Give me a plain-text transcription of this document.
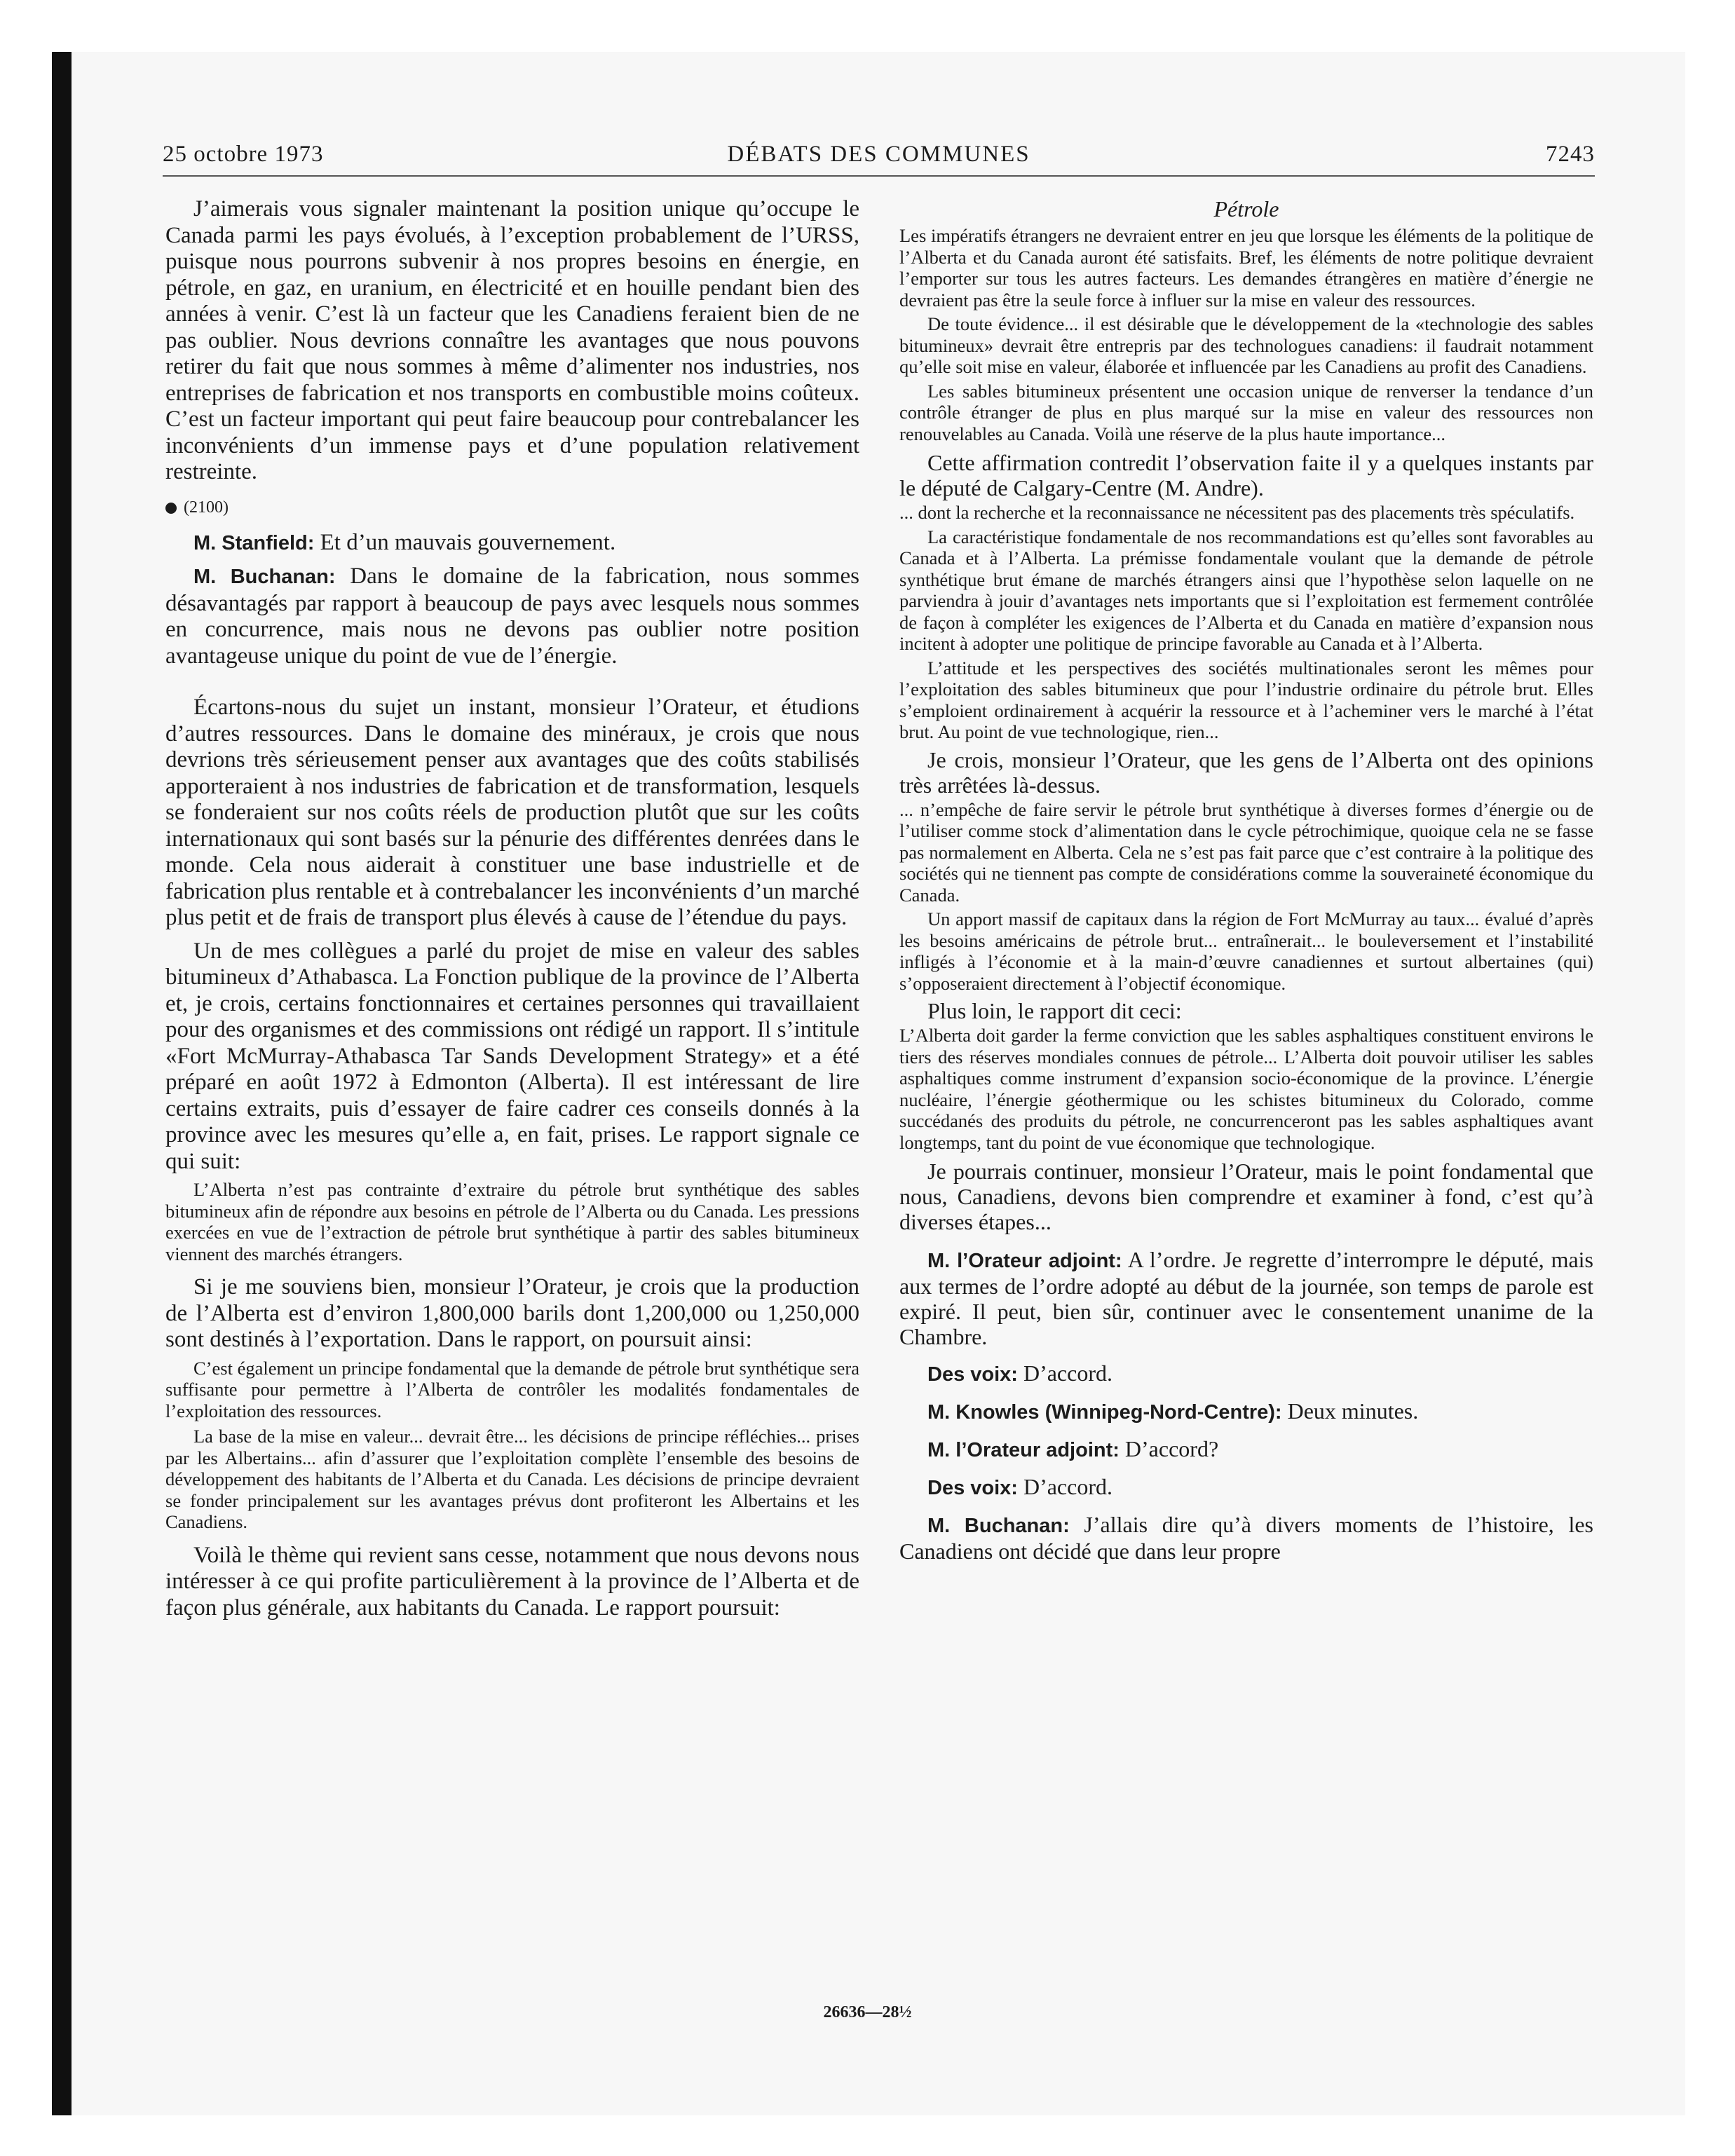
25 octobre 1973	DÉBATS DES COMMUNES	7243

J’aimerais vous signaler maintenant la position unique qu’occupe le Canada parmi les pays évolués, à l’exception probablement de l’URSS, puisque nous pourrons subvenir à nos propres besoins en énergie, en pétrole, en gaz, en uranium, en électricité et en houille pendant bien des années à venir. C’est là un facteur que les Canadiens feraient bien de ne pas oublier. Nous devrions connaître les avantages que nous pouvons retirer du fait que nous sommes à même d’alimenter nos industries, nos entreprises de fabrication et nos transports en combustible moins coûteux. C’est un facteur important qui peut faire beaucoup pour contrebalancer les inconvénients d’un immense pays et d’une population relativement restreinte.

(2100)

M. Stanfield: Et d’un mauvais gouvernement.

M. Buchanan: Dans le domaine de la fabrication, nous sommes désavantagés par rapport à beaucoup de pays avec lesquels nous sommes en concurrence, mais nous ne devons pas oublier notre position avantageuse unique du point de vue de l’énergie.

Écartons-nous du sujet un instant, monsieur l’Orateur, et étudions d’autres ressources. Dans le domaine des minéraux, je crois que nous devrions très sérieusement penser aux avantages que des coûts stabilisés apporteraient à nos industries de fabrication et de transformation, lesquels se fonderaient sur nos coûts réels de production plutôt que sur les coûts internationaux qui sont basés sur la pénurie des différentes denrées dans le monde. Cela nous aiderait à constituer une base industrielle et de fabrication plus rentable et à contrebalancer les inconvénients d’un marché plus petit et de frais de transport plus élevés à cause de l’étendue du pays.

Un de mes collègues a parlé du projet de mise en valeur des sables bitumineux d’Athabasca. La Fonction publique de la province de l’Alberta et, je crois, certains fonctionnaires et certaines personnes qui travaillaient pour des organismes et des commissions ont rédigé un rapport. Il s’intitule «Fort McMurray-Athabasca Tar Sands Development Strategy» et a été préparé en août 1972 à Edmonton (Alberta). Il est intéressant de lire certains extraits, puis d’essayer de faire cadrer ces conseils donnés à la province avec les mesures qu’elle a, en fait, prises. Le rapport signale ce qui suit:

L’Alberta n’est pas contrainte d’extraire du pétrole brut synthétique des sables bitumineux afin de répondre aux besoins en pétrole de l’Alberta ou du Canada. Les pressions exercées en vue de l’extraction de pétrole brut synthétique à partir des sables bitumineux viennent des marchés étrangers.

Si je me souviens bien, monsieur l’Orateur, je crois que la production de l’Alberta est d’environ 1,800,000 barils dont 1,200,000 ou 1,250,000 sont destinés à l’exportation. Dans le rapport, on poursuit ainsi:

C’est également un principe fondamental que la demande de pétrole brut synthétique sera suffisante pour permettre à l’Alberta de contrôler les modalités fondamentales de l’exploitation des ressources.

La base de la mise en valeur... devrait être... les décisions de principe réfléchies... prises par les Albertains... afin d’assurer que l’exploitation complète l’ensemble des besoins de développement des habitants de l’Alberta et du Canada. Les décisions de principe devraient se fonder principalement sur les avantages prévus dont profiteront les Albertains et les Canadiens.

Voilà le thème qui revient sans cesse, notamment que nous devons nous intéresser à ce qui profite particulièrement à la province de l’Alberta et de façon plus générale, aux habitants du Canada. Le rapport poursuit:

Pétrole

Les impératifs étrangers ne devraient entrer en jeu que lorsque les éléments de la politique de l’Alberta et du Canada auront été satisfaits. Bref, les éléments de notre politique devraient l’emporter sur tous les autres facteurs. Les demandes étrangères en matière d’énergie ne devraient pas être la seule force à influer sur la mise en valeur des ressources.

De toute évidence... il est désirable que le développement de la «technologie des sables bitumineux» devrait être entrepris par des technologues canadiens: il faudrait notamment qu’elle soit mise en valeur, élaborée et influencée par les Canadiens au profit des Canadiens.

Les sables bitumineux présentent une occasion unique de renverser la tendance d’un contrôle étranger de plus en plus marqué sur la mise en valeur des ressources non renouvelables au Canada. Voilà une réserve de la plus haute importance...

Cette affirmation contredit l’observation faite il y a quelques instants par le député de Calgary-Centre (M. Andre).

... dont la recherche et la reconnaissance ne nécessitent pas des placements très spéculatifs.

La caractéristique fondamentale de nos recommandations est qu’elles sont favorables au Canada et à l’Alberta. La prémisse fondamentale voulant que la demande de pétrole synthétique brut émane de marchés étrangers ainsi que l’hypothèse selon laquelle on ne parviendra à jouir d’avantages nets importants que si l’exploitation est fermement contrôlée de façon à compléter les exigences de l’Alberta et du Canada en matière d’expansion nous incitent à adopter une politique de principe favorable au Canada et à l’Alberta.

L’attitude et les perspectives des sociétés multinationales seront les mêmes pour l’exploitation des sables bitumineux que pour l’industrie ordinaire du pétrole brut. Elles s’emploient ordinairement à acquérir la ressource et à l’acheminer vers le marché à l’état brut. Au point de vue technologique, rien...

Je crois, monsieur l’Orateur, que les gens de l’Alberta ont des opinions très arrêtées là-dessus.

... n’empêche de faire servir le pétrole brut synthétique à diverses formes d’énergie ou de l’utiliser comme stock d’alimentation dans le cycle pétrochimique, quoique cela ne se fasse pas normalement en Alberta. Cela ne s’est pas fait parce que c’est contraire à la politique des sociétés qui ne tiennent pas compte de considérations comme la souveraineté économique du Canada.

Un apport massif de capitaux dans la région de Fort McMurray au taux... évalué d’après les besoins américains de pétrole brut... entraînerait... le bouleversement et l’instabilité infligés à l’économie et à la main-d’œuvre canadiennes et surtout albertaines (qui) s’opposeraient directement à l’objectif économique.

Plus loin, le rapport dit ceci:

L’Alberta doit garder la ferme conviction que les sables asphaltiques constituent environs le tiers des réserves mondiales connues de pétrole... L’Alberta doit pouvoir utiliser les sables asphaltiques comme instrument d’expansion socio-économique de la province. L’énergie nucléaire, l’énergie géothermique ou les schistes bitumineux du Colorado, comme succédanés des produits du pétrole, ne concurrenceront pas les sables asphaltiques avant longtemps, tant du point de vue économique que technologique.

Je pourrais continuer, monsieur l’Orateur, mais le point fondamental que nous, Canadiens, devons bien comprendre et examiner à fond, c’est qu’à diverses étapes...

M. l’Orateur adjoint: A l’ordre. Je regrette d’interrompre le député, mais aux termes de l’ordre adopté au début de la journée, son temps de parole est expiré. Il peut, bien sûr, continuer avec le consentement unanime de la Chambre.

Des voix: D’accord.

M. Knowles (Winnipeg-Nord-Centre): Deux minutes.

M. l’Orateur adjoint: D’accord?

Des voix: D’accord.

M. Buchanan: J’allais dire qu’à divers moments de l’histoire, les Canadiens ont décidé que dans leur propre

26636—28½
